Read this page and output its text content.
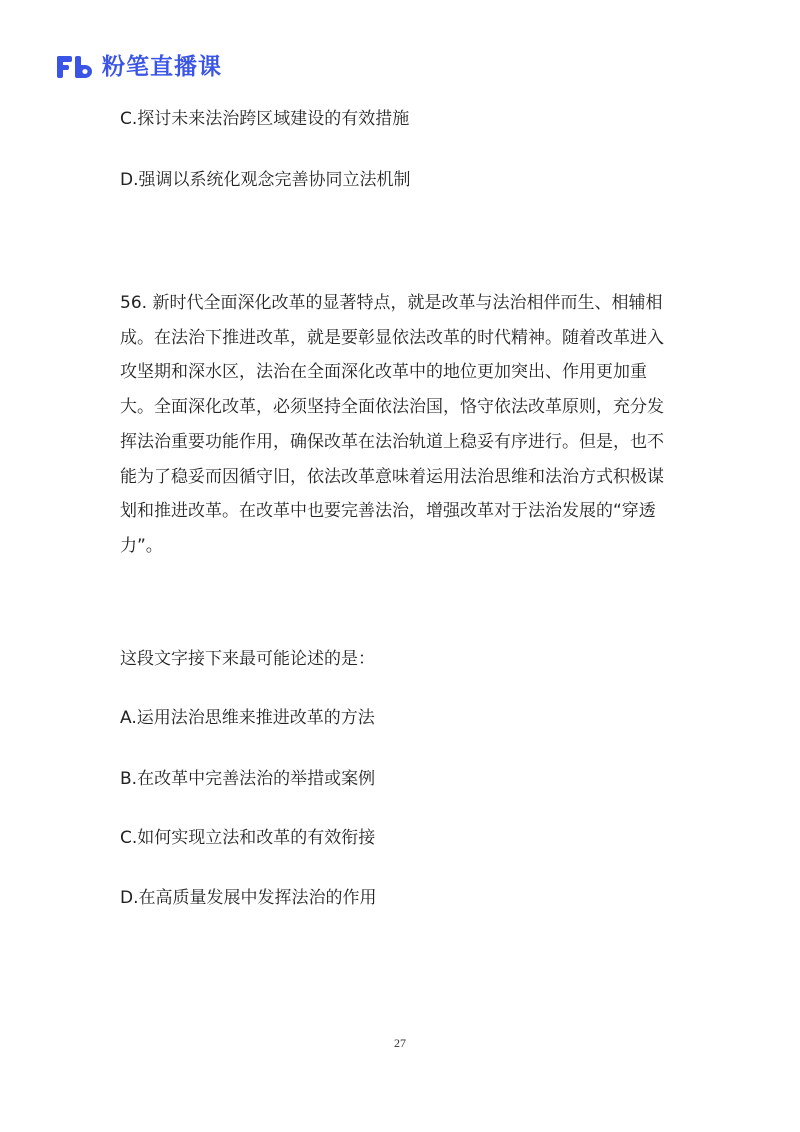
粉笔直播课
C.探讨未来法治跨区域建设的有效措施
D.强调以系统化观念完善协同立法机制
56. 新时代全面深化改革的显著特点，就是改革与法治相伴而生、相辅相成。在法治下推进改革，就是要彰显依法改革的时代精神。随着改革进入攻坚期和深水区，法治在全面深化改革中的地位更加突出、作用更加重大。全面深化改革，必须坚持全面依法治国，恪守依法改革原则，充分发挥法治重要功能作用，确保改革在法治轨道上稳妥有序进行。但是，也不能为了稳妥而因循守旧，依法改革意味着运用法治思维和法治方式积极谋划和推进改革。在改革中也要完善法治，增强改革对于法治发展的“穿透力”。
这段文字接下来最可能论述的是：
A.运用法治思维来推进改革的方法
B.在改革中完善法治的举措或案例
C.如何实现立法和改革的有效衔接
D.在高质量发展中发挥法治的作用
27
